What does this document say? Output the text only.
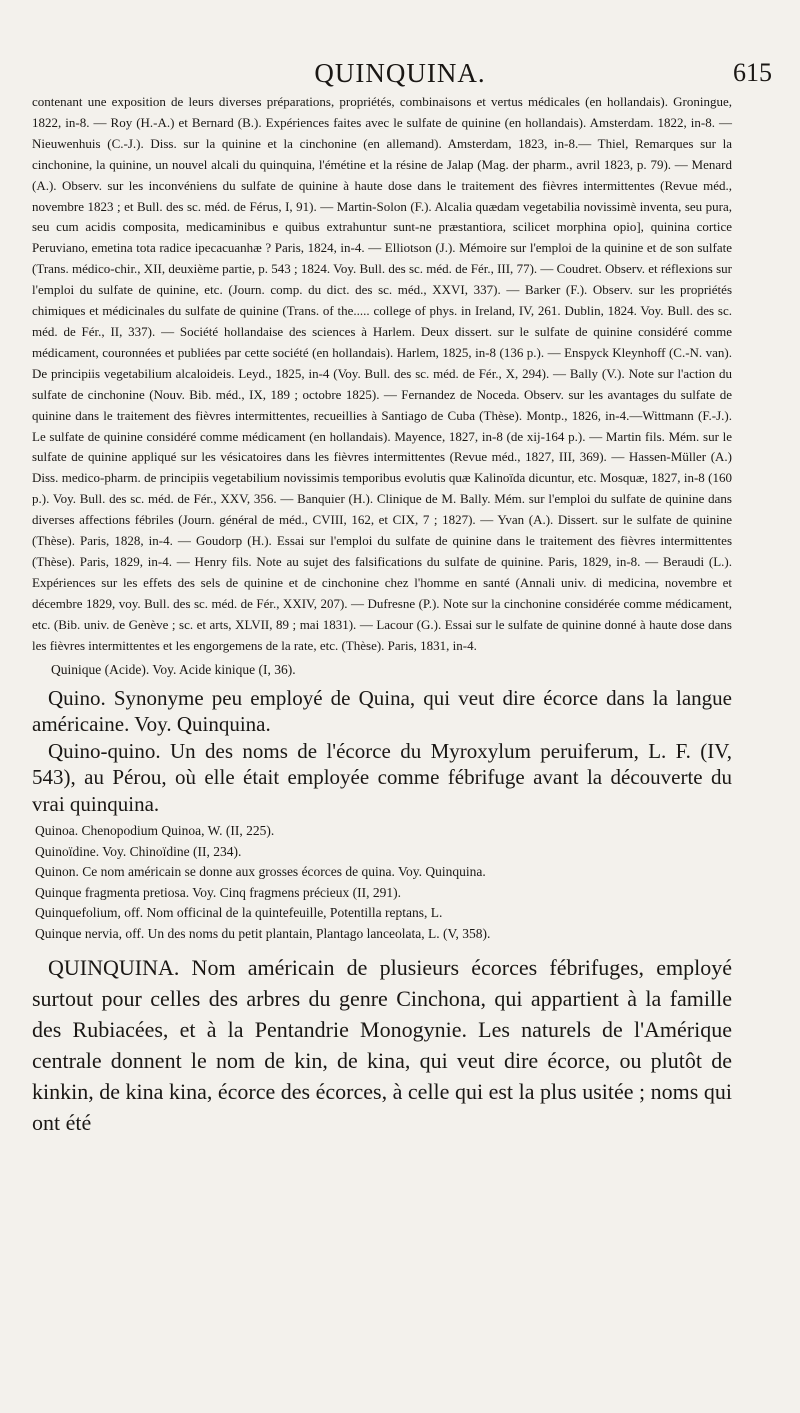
QUINQUINA.	615

contenant une exposition de leurs diverses préparations, propriétés, combinaisons et vertus médicales (en hollandais). Groningue, 1822, in-8. — Roy (H.-A.) et Bernard (B.). Expériences faites avec le sulfate de quinine (en hollandais). Amsterdam. 1822, in-8. — Nieuwenhuis (C.-J.). Diss. sur la quinine et la cinchonine (en allemand). Amsterdam, 1823, in-8.— Thiel, Remarques sur la cinchonine, la quinine, un nouvel alcali du quinquina, l'émétine et la résine de Jalap (Mag. der pharm., avril 1823, p. 79). — Menard (A.). Observ. sur les inconvéniens du sulfate de quinine à haute dose dans le traitement des fièvres intermittentes (Revue méd., novembre 1823 ; et Bull. des sc. méd. de Férus, I, 91). — Martin-Solon (F.). Alcalia quædam vegetabilia novissimè inventa, seu pura, seu cum acidis composita, medicaminibus e quibus extrahuntur sunt-ne præstantiora, scilicet morphina opio], quinina cortice Peruviano, emetina tota radice ipecacuanhæ ? Paris, 1824, in-4. — Elliotson (J.). Mémoire sur l'emploi de la quinine et de son sulfate (Trans. médico-chir., XII, deuxième partie, p. 543 ; 1824. Voy. Bull. des sc. méd. de Fér., III, 77). — Coudret. Observ. et réflexions sur l'emploi du sulfate de quinine, etc. (Journ. comp. du dict. des sc. méd., XXVI, 337). — Barker (F.). Observ. sur les propriétés chimiques et médicinales du sulfate de quinine (Trans. of the..... college of phys. in Ireland, IV, 261. Dublin, 1824. Voy. Bull. des sc. méd. de Fér., II, 337). — Société hollandaise des sciences à Harlem. Deux dissert. sur le sulfate de quinine considéré comme médicament, couronnées et publiées par cette société (en hollandais). Harlem, 1825, in-8 (136 p.). — Enspyck Kleynhoff (C.-N. van). De principiis vegetabilium alcaloideis. Leyd., 1825, in-4 (Voy. Bull. des sc. méd. de Fér., X, 294). — Bally (V.). Note sur l'action du sulfate de cinchonine (Nouv. Bib. méd., IX, 189 ; octobre 1825). — Fernandez de Noceda. Observ. sur les avantages du sulfate de quinine dans le traitement des fièvres intermittentes, recueillies à Santiago de Cuba (Thèse). Montp., 1826, in-4.—Wittmann (F.-J.). Le sulfate de quinine considéré comme médicament (en hollandais). Mayence, 1827, in-8 (de xij-164 p.). — Martin fils. Mém. sur le sulfate de quinine appliqué sur les vésicatoires dans les fièvres intermittentes (Revue méd., 1827, III, 369). — Hassen-Müller (A.) Diss. medico-pharm. de principiis vegetabilium novissimis temporibus evolutis quæ Kalinoïda dicuntur, etc. Mosquæ, 1827, in-8 (160 p.). Voy. Bull. des sc. méd. de Fér., XXV, 356. — Banquier (H.). Clinique de M. Bally. Mém. sur l'emploi du sulfate de quinine dans diverses affections fébriles (Journ. général de méd., CVIII, 162, et CIX, 7 ; 1827). — Yvan (A.). Dissert. sur le sulfate de quinine (Thèse). Paris, 1828, in-4. — Goudorp (H.). Essai sur l'emploi du sulfate de quinine dans le traitement des fièvres intermittentes (Thèse). Paris, 1829, in-4. — Henry fils. Note au sujet des falsifications du sulfate de quinine. Paris, 1829, in-8. — Beraudi (L.). Expériences sur les effets des sels de quinine et de cinchonine chez l'homme en santé (Annali univ. di medicina, novembre et décembre 1829, voy. Bull. des sc. méd. de Fér., XXIV, 207). — Dufresne (P.). Note sur la cinchonine considérée comme médicament, etc. (Bib. univ. de Genève ; sc. et arts, XLVII, 89 ; mai 1831). — Lacour (G.). Essai sur le sulfate de quinine donné à haute dose dans les fièvres intermittentes et les engorgemens de la rate, etc. (Thèse). Paris, 1831, in-4.

Quinique (Acide). Voy. Acide kinique (I, 36).

Quino. Synonyme peu employé de Quina, qui veut dire écorce dans la langue américaine. Voy. Quinquina.

Quino-quino. Un des noms de l'écorce du Myroxylum peruiferum, L. F. (IV, 543), au Pérou, où elle était employée comme fébrifuge avant la découverte du vrai quinquina.

Quinoa. Chenopodium Quinoa, W. (II, 225).

Quinoïdine. Voy. Chinoïdine (II, 234).

Quinon. Ce nom américain se donne aux grosses écorces de quina. Voy. Quinquina.

Quinque fragmenta pretiosa. Voy. Cinq fragmens précieux (II, 291).

Quinquefolium, off. Nom officinal de la quintefeuille, Potentilla reptans, L.

Quinque nervia, off. Un des noms du petit plantain, Plantago lanceolata, L. (V, 358).

QUINQUINA. Nom américain de plusieurs écorces fébrifuges, employé surtout pour celles des arbres du genre Cinchona, qui appartient à la famille des Rubiacées, et à la Pentandrie Monogynie. Les naturels de l'Amérique centrale donnent le nom de kin, de kina, qui veut dire écorce, ou plutôt de kinkin, de kina kina, écorce des écorces, à celle qui est la plus usitée ; noms qui ont été
